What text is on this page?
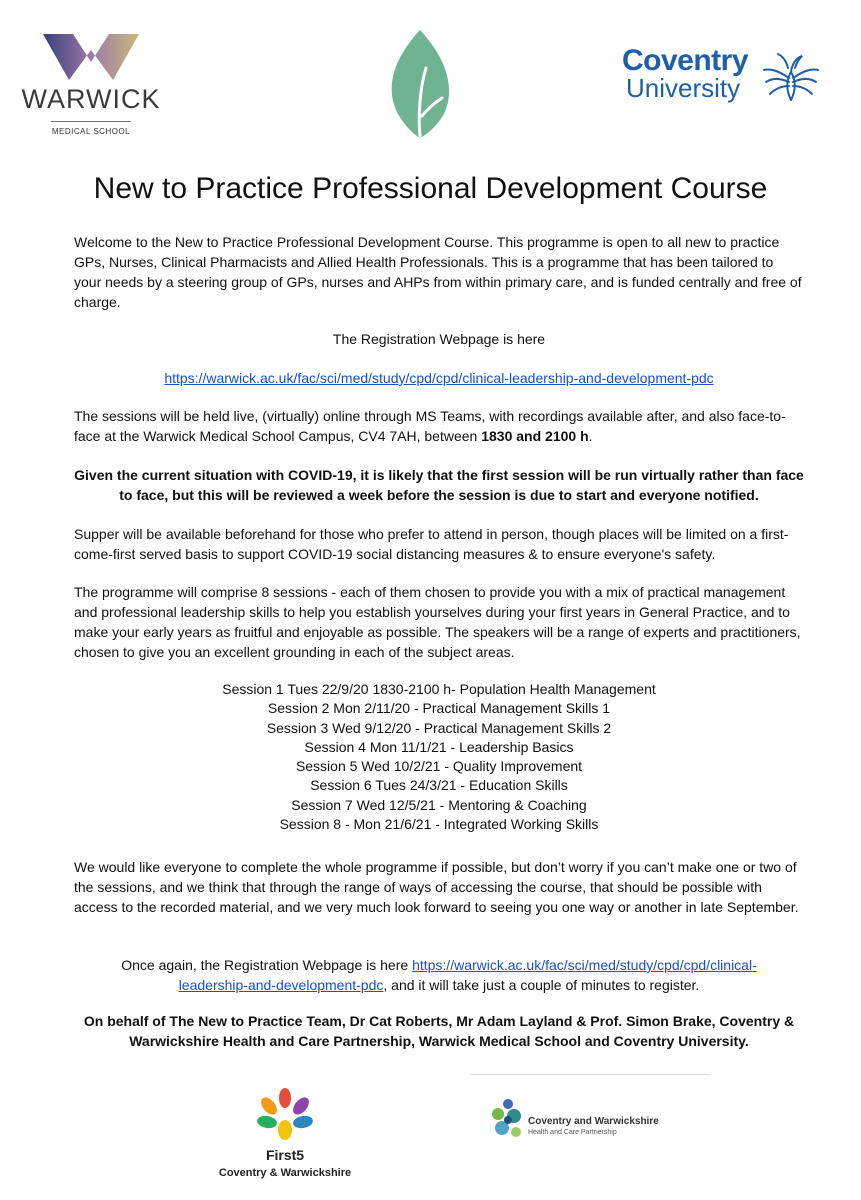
WARWICK
MEDICAL SCHOOL
Coventry
University
New to Practice Professional Development Course
Welcome to the New to Practice Professional Development Course. This programme is open to all new to practice GPs, Nurses, Clinical Pharmacists and Allied Health Professionals. This is a programme that has been tailored to your needs by a steering group of GPs, nurses and AHPs from within primary care, and is funded centrally and free of charge.
The Registration Webpage is here
https://warwick.ac.uk/fac/sci/med/study/cpd/cpd/clinical-leadership-and-development-pdc
The sessions will be held live, (virtually) online through MS Teams, with recordings available after, and also face-to-face at the Warwick Medical School Campus, CV4 7AH, between 1830 and 2100 h.
Given the current situation with COVID-19, it is likely that the first session will be run virtually rather than face to face, but this will be reviewed a week before the session is due to start and everyone notified.
Supper will be available beforehand for those who prefer to attend in person, though places will be limited on a first-come-first served basis to support COVID-19 social distancing measures & to ensure everyone's safety.
The programme will comprise 8 sessions - each of them chosen to provide you with a mix of practical management and professional leadership skills to help you establish yourselves during your first years in General Practice, and to make your early years as fruitful and enjoyable as possible. The speakers will be a range of experts and practitioners, chosen to give you an excellent grounding in each of the subject areas.
Session 1 Tues 22/9/20 1830-2100 h- Population Health Management
Session 2 Mon 2/11/20 - Practical Management Skills 1
Session 3 Wed 9/12/20 - Practical Management Skills 2
Session 4 Mon 11/1/21 - Leadership Basics
Session 5 Wed 10/2/21 - Quality Improvement
Session 6 Tues 24/3/21 - Education Skills
Session 7 Wed 12/5/21 - Mentoring & Coaching
Session 8 - Mon 21/6/21 - Integrated Working Skills
We would like everyone to complete the whole programme if possible, but don’t worry if you can’t make one or two of the sessions, and we think that through the range of ways of accessing the course, that should be possible with access to the recorded material, and we very much look forward to seeing you one way or another in late September.
Once again, the Registration Webpage is here https://warwick.ac.uk/fac/sci/med/study/cpd/cpd/clinical-leadership-and-development-pdc, and it will take just a couple of minutes to register.
On behalf of The New to Practice Team, Dr Cat Roberts, Mr Adam Layland & Prof. Simon Brake, Coventry & Warwickshire Health and Care Partnership, Warwick Medical School and Coventry University.
First5
Coventry & Warwickshire
Coventry and Warwickshire
Health and Care Partnership
